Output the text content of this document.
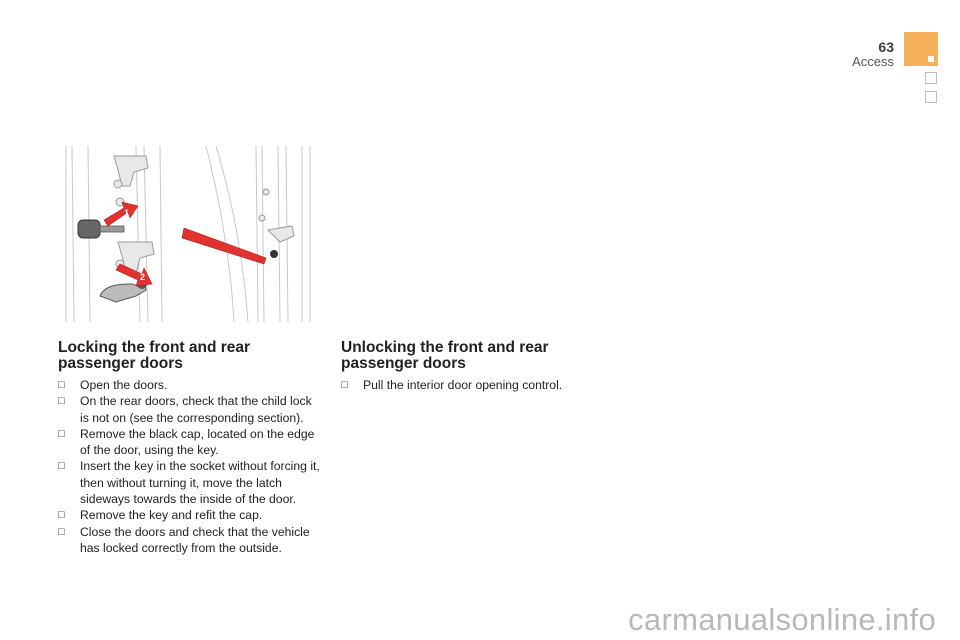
63
Access
1
2
Locking the front and rear
passenger doors
□	Open the doors.
□	On the rear doors, check that the child lock is not on (see the corresponding section).
□	Remove the black cap, located on the edge of the door, using the key.
□	Insert the key in the socket without forcing it, then without turning it, move the latch sideways towards the inside of the door.
□	Remove the key and refit the cap.
□	Close the doors and check that the vehicle has locked correctly from the outside.
Unlocking the front and rear
passenger doors
□	Pull the interior door opening control.
carmanualsonline.info
